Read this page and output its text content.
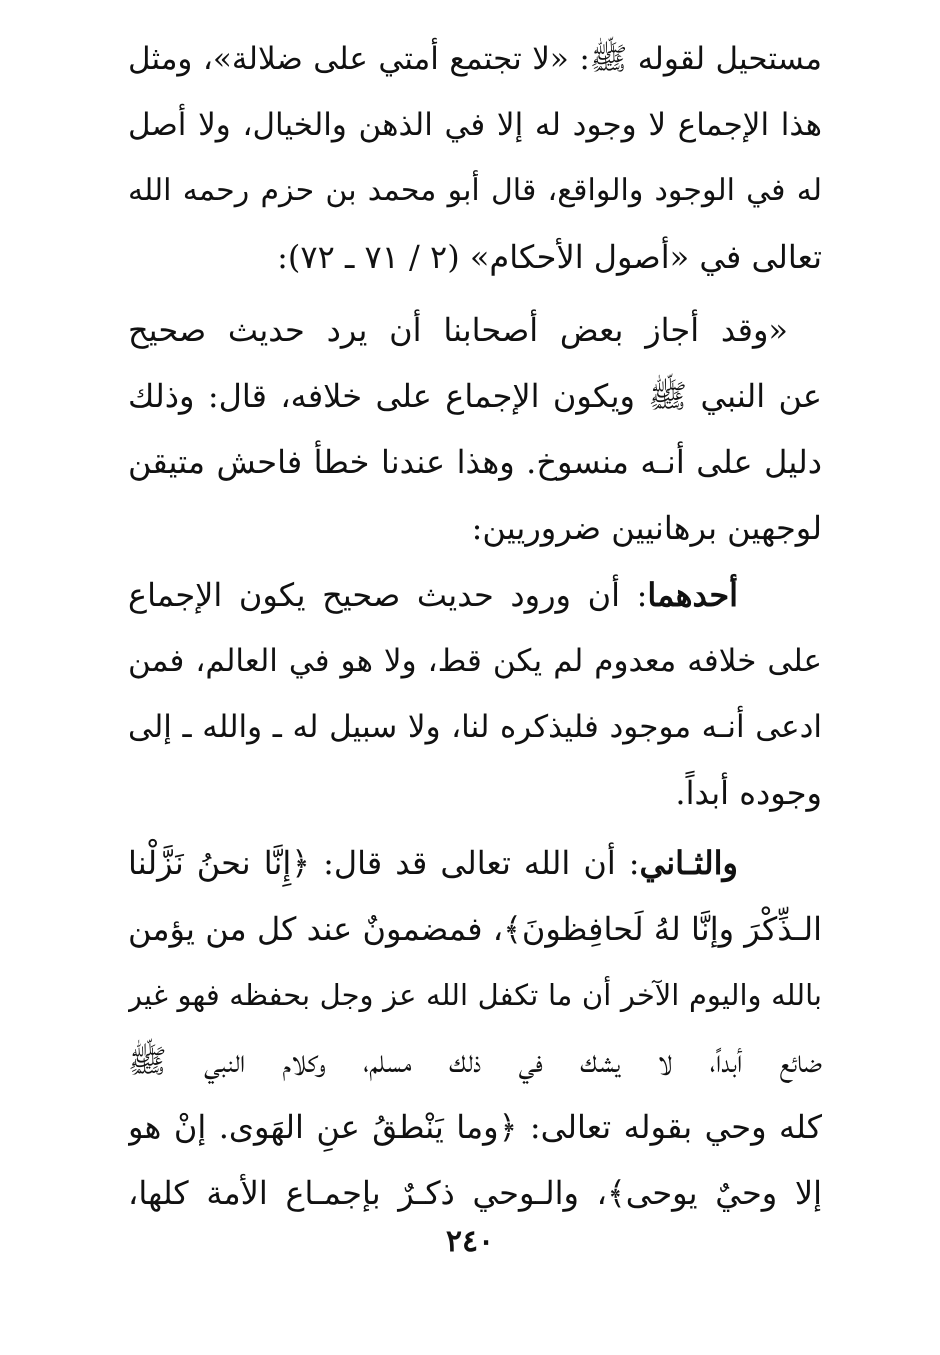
مستحيل لقوله ﷺ: «لا تجتمع أمتي على ضلالة»، ومثل
هذا الإجماع لا وجود له إلا في الذهن والخيال، ولا أصل
له في الوجود والواقع، قال أبو محمد بن حزم رحمه الله
تعالى في «أصول الأحكام» (٢ / ٧١ ـ ٧٢):
«وقد أجاز بعض أصحابنا أن يرد حديث صحيح
عن النبي ﷺ ويكون الإجماع على خلافه، قال: وذلك
دليل على أنـه منسوخ. وهذا عندنا خطأ فاحش متيقن
لوجهين برهانيين ضروريين:
أحدهما: أن ورود حديث صحيح يكون الإجماع
على خلافه معدوم لم يكن قط، ولا هو في العالم، فمن
ادعى أنـه موجود فليذكره لنا، ولا سبيل له ـ والله ـ إلى
وجوده أبداً.
والثـاني: أن الله تعالى قد قال: ﴿إِنَّا نحنُ نَزَّلْنا
الـذِّكْرَ وإنَّا لهُ لَحافِظونَ﴾، فمضمونٌ عند كل من يؤمن
بالله واليوم الآخر أن ما تكفل الله عز وجل بحفظه فهو غير
ضائع أبداً، لا يشك في ذلك مسلم، وكلام النبي ﷺ
كله وحي بقوله تعالى: ﴿وما يَنْطقُ عنِ الهَوى. إنْ هو
إلا وحيٌ يوحى﴾، والـوحي ذكـرٌ بإجمـاع الأمة كلها،
٢٤٠
